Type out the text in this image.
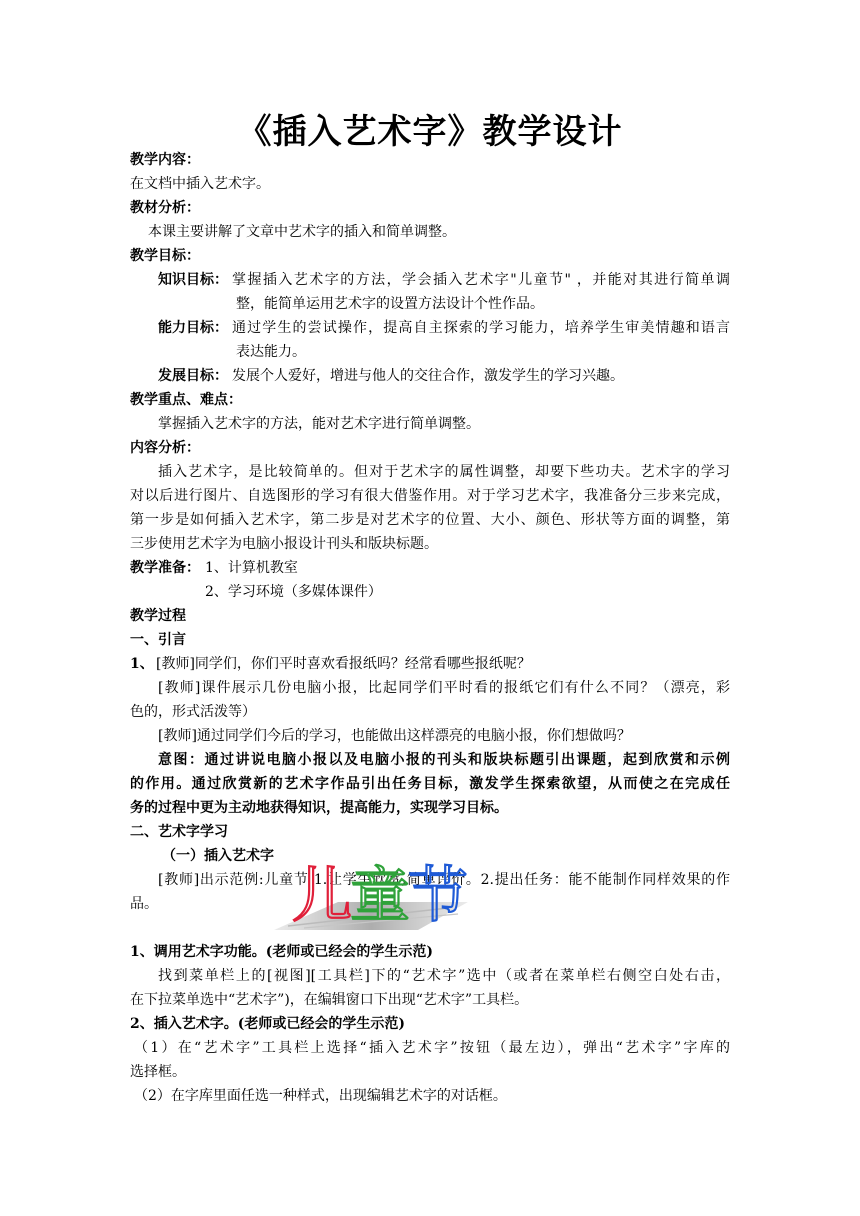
《插入艺术字》教学设计
教学内容：
在文档中插入艺术字。
教材分析：
本课主要讲解了文章中艺术字的插入和简单调整。
教学目标：
知识目标： 掌握插入艺术字的方法，学会插入艺术字"儿童节" ，并能对其进行简单调
整，能简单运用艺术字的设置方法设计个性作品。
能力目标： 通过学生的尝试操作，提高自主探索的学习能力，培养学生审美情趣和语言
表达能力。
发展目标： 发展个人爱好，增进与他人的交往合作，激发学生的学习兴趣。
教学重点、难点：
掌握插入艺术字的方法，能对艺术字进行简单调整。
内容分析：
插入艺术字，是比较简单的。但对于艺术字的属性调整，却要下些功夫。艺术字的学习
对以后进行图片、自选图形的学习有很大借鉴作用。对于学习艺术字，我准备分三步来完成，
第一步是如何插入艺术字，第二步是对艺术字的位置、大小、颜色、形状等方面的调整，第
三步使用艺术字为电脑小报设计刊头和版块标题。
教学准备： 1、计算机教室
2、学习环境（多媒体课件）
教学过程
一、引言
1、 [教师]同学们，你们平时喜欢看报纸吗？经常看哪些报纸呢？
[教师]课件展示几份电脑小报，比起同学们平时看的报纸它们有什么不同？（漂亮，彩
色的，形式活泼等）
[教师]通过同学们今后的学习，也能做出这样漂亮的电脑小报，你们想做吗？
意图：通过讲说电脑小报以及电脑小报的刊头和版块标题引出课题，起到欣赏和示例
的作用。通过欣赏新的艺术字作品引出任务目标，激发学生探索欲望，从而使之在完成任
务的过程中更为主动地获得知识，提高能力，实现学习目标。
二、艺术字学习
（一）插入艺术字
[教师]出示范例:儿童节 1.让学生欣赏,简单评价。2.提出任务：能不能制作同样效果的作
品。	儿
童
节
1、调用艺术字功能。(老师或已经会的学生示范)
找到菜单栏上的[视图][工具栏]下的“艺术字”选中（或者在菜单栏右侧空白处右击，
在下拉菜单选中“艺术字”)，在编辑窗口下出现“艺术字”工具栏。
2、插入艺术字。(老师或已经会的学生示范)
（1）在“艺术字”工具栏上选择“插入艺术字”按钮（最左边），弹出“艺术字”字库的
选择框。
（2）在字库里面任选一种样式，出现编辑艺术字的对话框。
